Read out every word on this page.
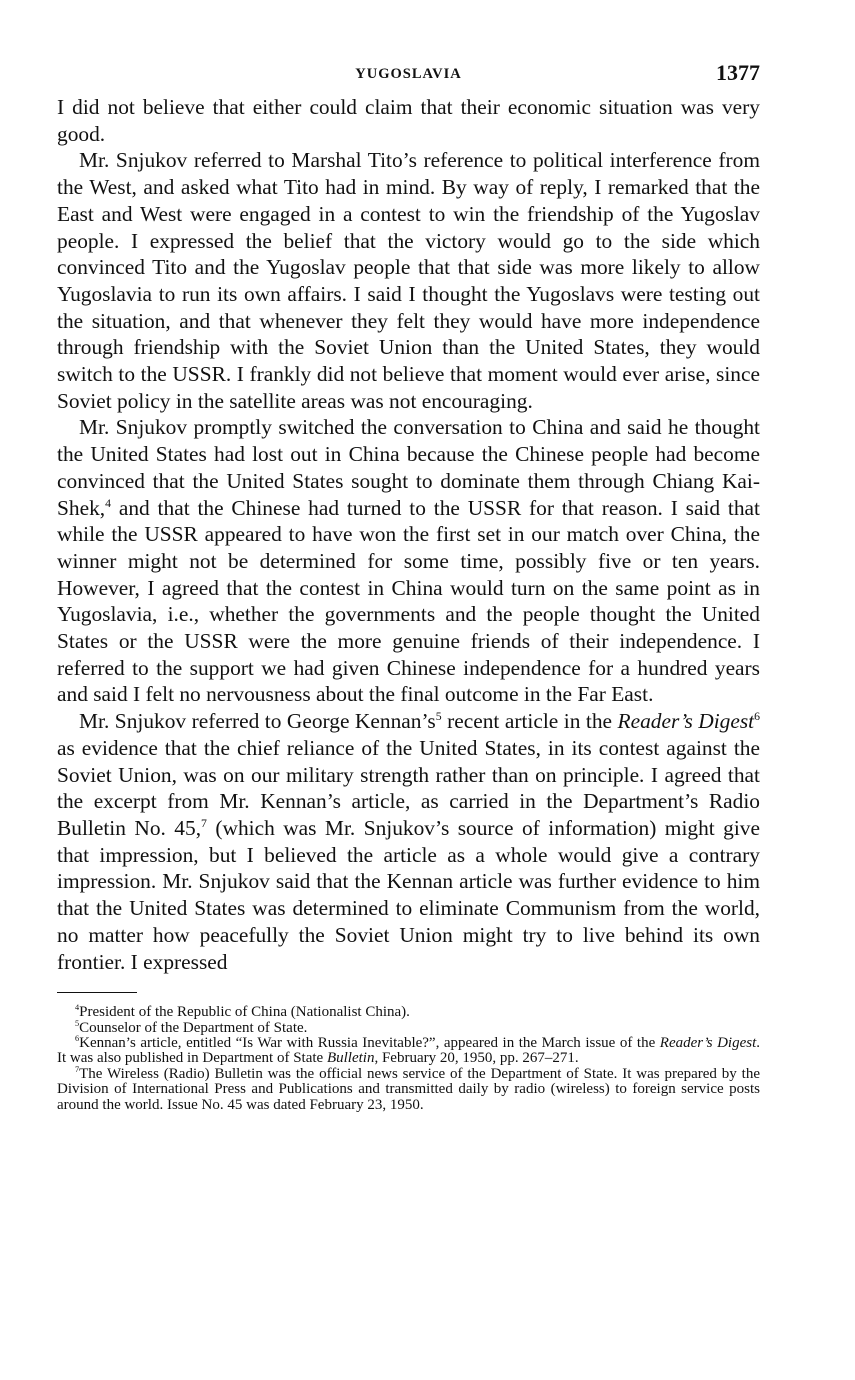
YUGOSLAVIA	1377

I did not believe that either could claim that their economic situation was very good.

Mr. Snjukov referred to Marshal Tito’s reference to political interference from the West, and asked what Tito had in mind. By way of reply, I remarked that the East and West were engaged in a contest to win the friendship of the Yugoslav people. I expressed the belief that the victory would go to the side which convinced Tito and the Yugoslav people that that side was more likely to allow Yugoslavia to run its own affairs. I said I thought the Yugoslavs were testing out the situation, and that whenever they felt they would have more independence through friendship with the Soviet Union than the United States, they would switch to the USSR. I frankly did not believe that moment would ever arise, since Soviet policy in the satellite areas was not encouraging.

Mr. Snjukov promptly switched the conversation to China and said he thought the United States had lost out in China because the Chinese people had become convinced that the United States sought to dominate them through Chiang Kai-Shek,$^4$ and that the Chinese had turned to the USSR for that reason. I said that while the USSR appeared to have won the first set in our match over China, the winner might not be determined for some time, possibly five or ten years. However, I agreed that the contest in China would turn on the same point as in Yugoslavia, i.e., whether the governments and the people thought the United States or the USSR were the more genuine friends of their independence. I referred to the support we had given Chinese independence for a hundred years and said I felt no nervousness about the final outcome in the Far East.

Mr. Snjukov referred to George $Kennan’s^5$ recent article in the Reader’s Digest$^6$ as evidence that the chief reliance of the United States, in its contest against the Soviet Union, was on our military strength rather than on principle. I agreed that the excerpt from Mr. Kennan’s article, as carried in the Department’s Radio Bulletin No. 45,$^7$ (which was Mr. Snjukov’s source of information) might give that impression, but I believed the article as a whole would give a contrary impression. Mr. Snjukov said that the Kennan article was further evidence to him that the United States was determined to eliminate Communism from the world, no matter how peacefully the Soviet Union might try to live behind its own frontier. I expressed

$^4$President of the Republic of China (Nationalist China).

$^5$Counselor of the Department of State.

$^6$Kennan’s article, entitled “Is War with Russia Inevitable?”, appeared in the March issue of the Reader’s Digest. It was also published in Department of State Bulletin, February 20, 1950, pp. 267–271.

$^7$The Wireless (Radio) Bulletin was the official news service of the Department of State. It was prepared by the Division of International Press and Publications and transmitted daily by radio (wireless) to foreign service posts around the world. Issue No. 45 was dated February 23, 1950.
